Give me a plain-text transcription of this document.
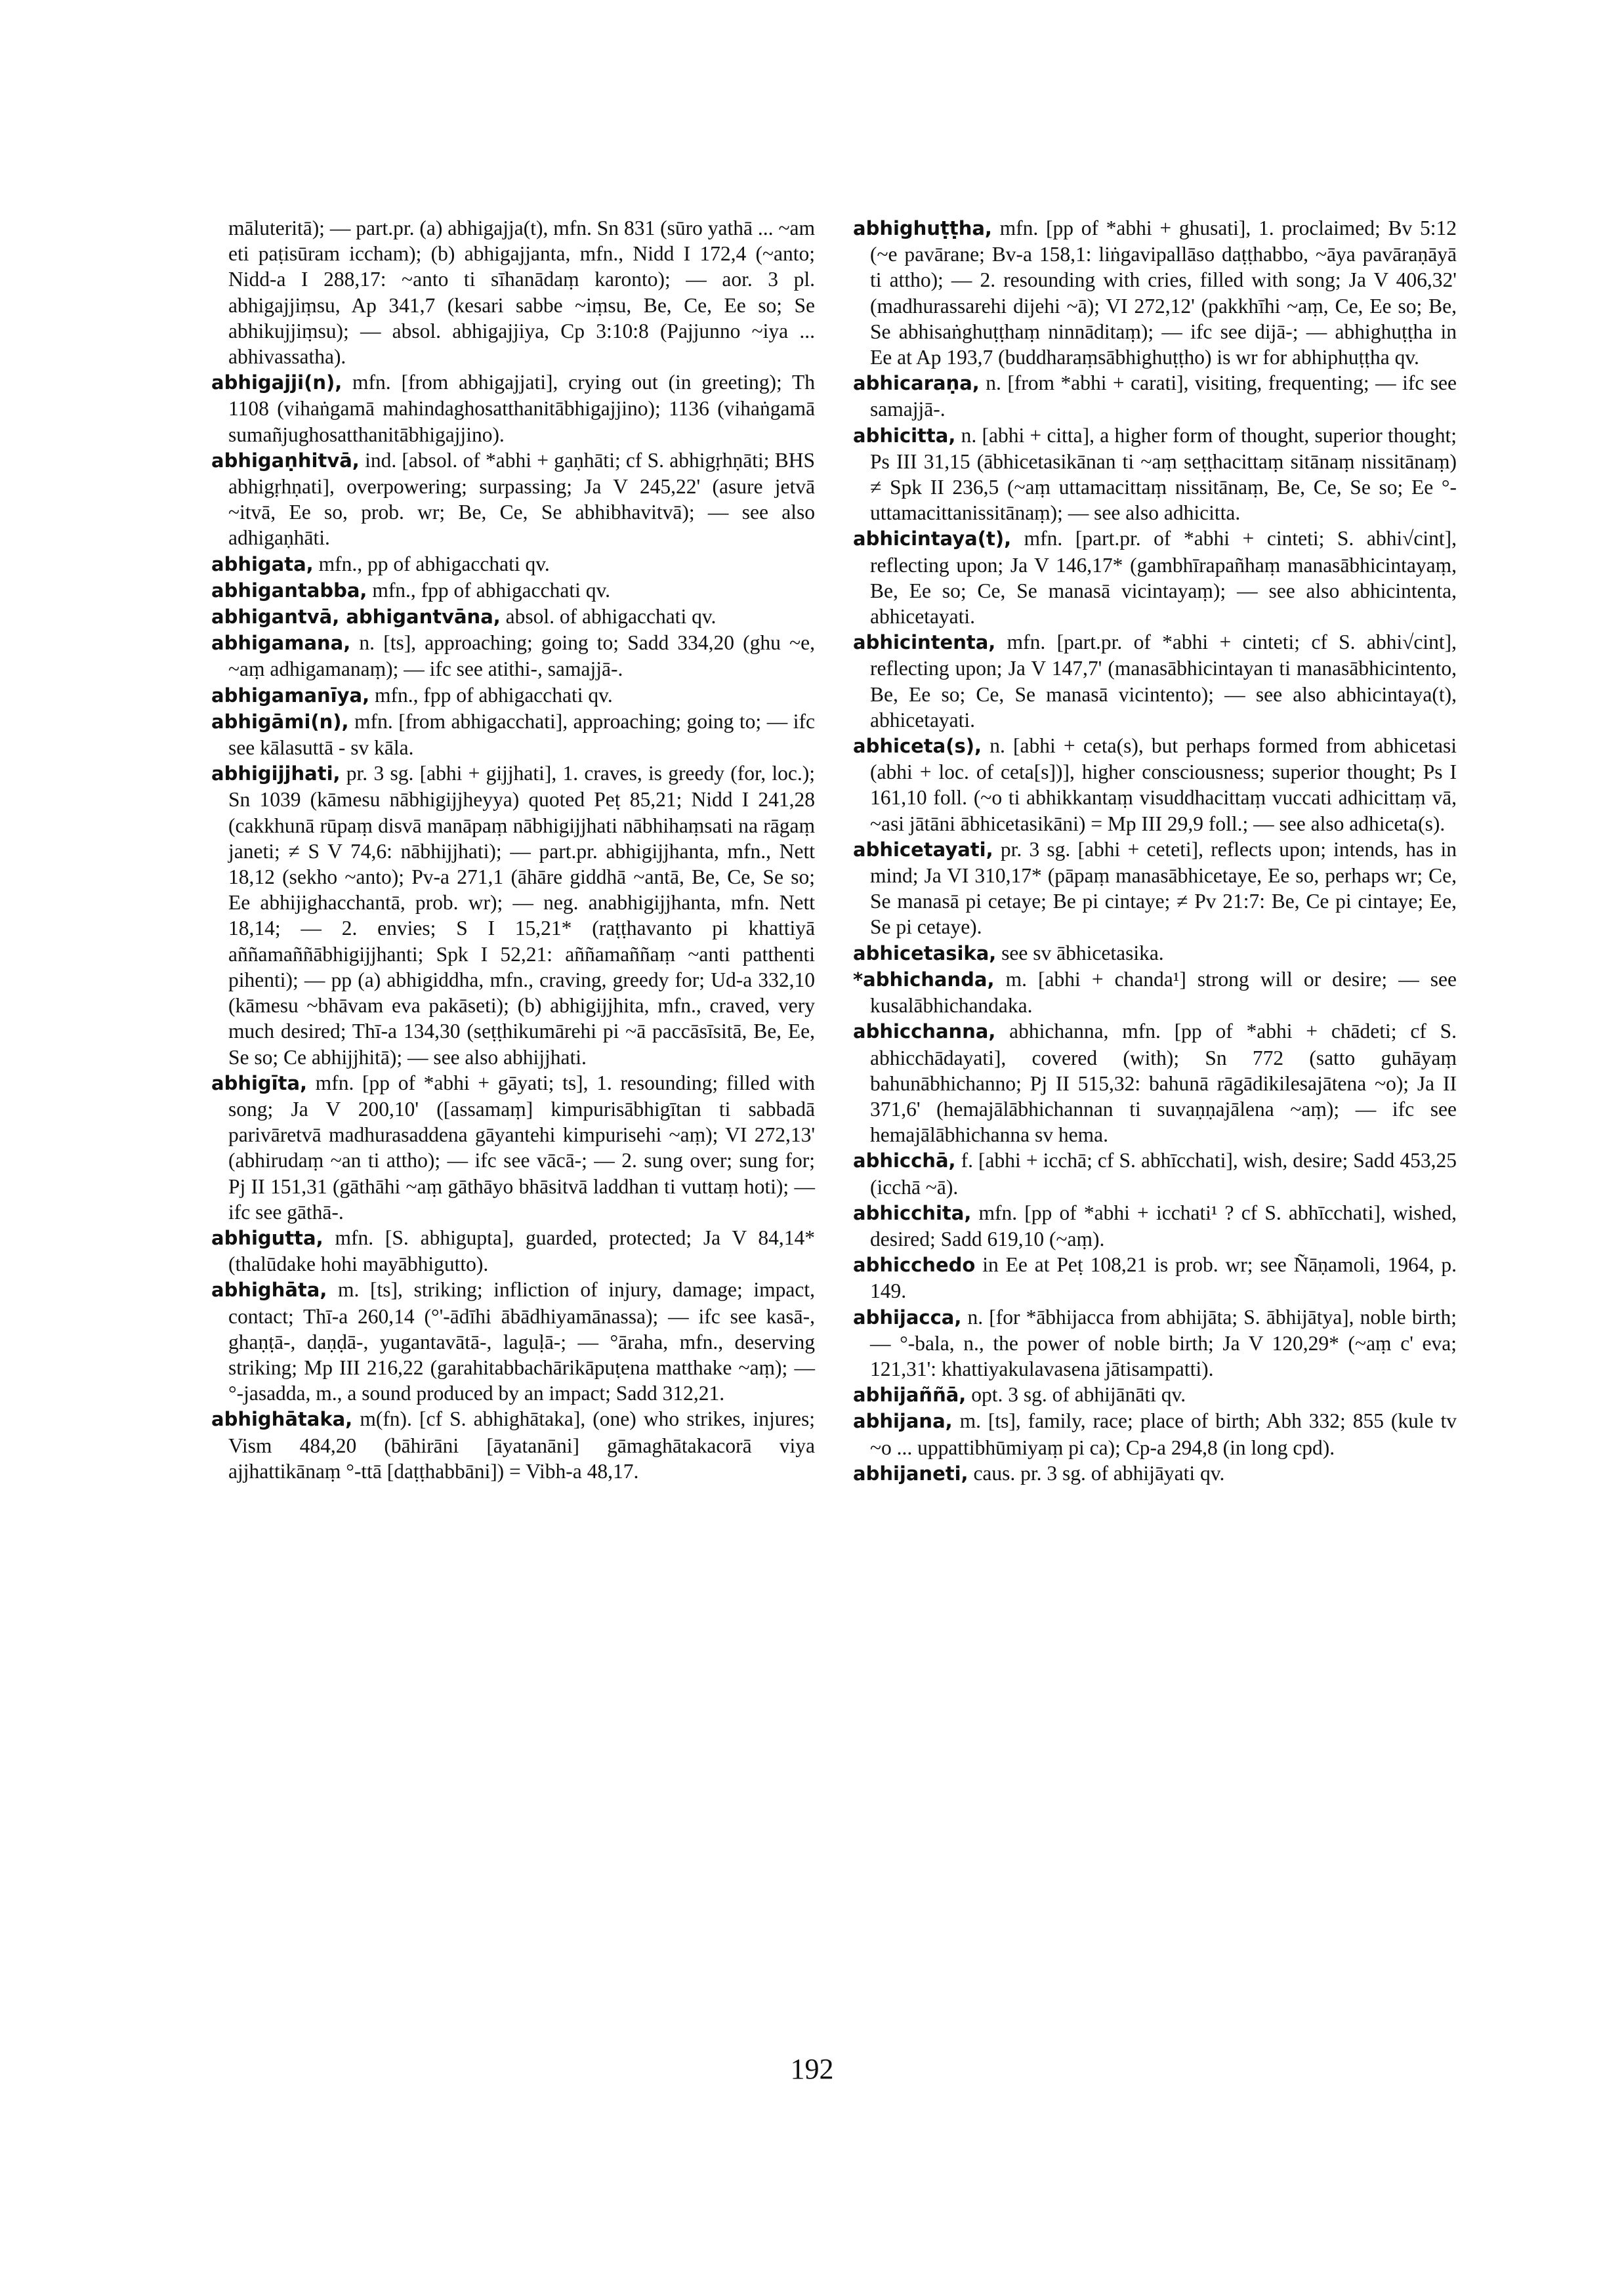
māluteritā); — part.pr. (a) abhigajja(t), mfn. Sn 831 (sūro yathā ... ~am eti paṭisūram iccham); (b) abhigajjanta, mfn., Nidd I 172,4 (~anto; Nidd-a I 288,17: ~anto ti sīhanādaṃ karonto); — aor. 3 pl. abhigajjiṃsu, Ap 341,7 (kesari sabbe ~iṃsu, Be, Ce, Ee so; Se abhikujjiṃsu); — absol. abhigajjiya, Cp 3:10:8 (Pajjunno ~iya ... abhivassatha).

abhigajji(n), mfn. [from abhigajjati], crying out (in greeting); Th 1108 (vihaṅgamā mahindaghosatthanitābhigajjino); 1136 (vihaṅgamā sumañjughosatthanitābhigajjino).

abhigaṇhitvā, ind. [absol. of *abhi + gaṇhāti; cf S. abhigṛhṇāti; BHS abhigṛhṇati], overpowering; surpassing; Ja V 245,22' (asure jetvā ~itvā, Ee so, prob. wr; Be, Ce, Se abhibhavitvā); — see also adhigaṇhāti.

abhigata, mfn., pp of abhigacchati qv.

abhigantabba, mfn., fpp of abhigacchati qv.

abhigantvā, abhigantvāna, absol. of abhigacchati qv.

abhigamana, n. [ts], approaching; going to; Sadd 334,20 (ghu ~e, ~aṃ adhigamanaṃ); — ifc see atithi-, samajjā-.

abhigamanīya, mfn., fpp of abhigacchati qv.

abhigāmi(n), mfn. [from abhigacchati], approaching; going to; — ifc see kālasuttā - sv kāla.

abhigijjhati, pr. 3 sg. [abhi + gijjhati], 1. craves, is greedy (for, loc.); Sn 1039 (kāmesu nābhigijjheyya) quoted Peṭ 85,21; Nidd I 241,28 (cakkhunā rūpaṃ disvā manāpaṃ nābhigijjhati nābhihaṃsati na rāgaṃ janeti; ≠ S V 74,6: nābhijjhati); — part.pr. abhigijjhanta, mfn., Nett 18,12 (sekho ~anto); Pv-a 271,1 (āhāre giddhā ~antā, Be, Ce, Se so; Ee abhijighacchantā, prob. wr); — neg. anabhigijjhanta, mfn. Nett 18,14; — 2. envies; S I 15,21* (raṭṭhavanto pi khattiyā aññamaññābhigijjhanti; Spk I 52,21: aññamaññaṃ ~anti patthenti pihenti); — pp (a) abhigiddha, mfn., craving, greedy for; Ud-a 332,10 (kāmesu ~bhāvam eva pakāseti); (b) abhigijjhita, mfn., craved, very much desired; Thī-a 134,30 (seṭṭhikumārehi pi ~ā paccāsīsitā, Be, Ee, Se so; Ce abhijjhitā); — see also abhijjhati.

abhigīta, mfn. [pp of *abhi + gāyati; ts], 1. resounding; filled with song; Ja V 200,10' ([assamaṃ] kimpurisābhigītan ti sabbadā parivāretvā madhurasaddena gāyantehi kimpurisehi ~aṃ); VI 272,13' (abhirudaṃ ~an ti attho); — ifc see vācā-; — 2. sung over; sung for; Pj II 151,31 (gāthāhi ~aṃ gāthāyo bhāsitvā laddhan ti vuttaṃ hoti); — ifc see gāthā-.

abhigutta, mfn. [S. abhigupta], guarded, protected; Ja V 84,14* (thalūdake hohi mayābhigutto).

abhighāta, m. [ts], striking; infliction of injury, damage; impact, contact; Thī-a 260,14 (°'-ādīhi ābādhiyamānassa); — ifc see kasā-, ghaṇṭā-, daṇḍā-, yugantavātā-, laguḷā-; — °āraha, mfn., deserving striking; Mp III 216,22 (garahitabbachārikāpuṭena matthake ~aṃ); — °-jasadda, m., a sound produced by an impact; Sadd 312,21.

abhighātaka, m(fn). [cf S. abhighātaka], (one) who strikes, injures; Vism 484,20 (bāhirāni [āyatanāni] gāmaghātakacorā viya ajjhattikānaṃ °-ttā [daṭṭhabbāni]) = Vibh-a 48,17.

abhighuṭṭha, mfn. [pp of *abhi + ghusati], 1. proclaimed; Bv 5:12 (~e pavārane; Bv-a 158,1: liṅgavipallāso daṭṭhabbo, ~āya pavāraṇāyā ti attho); — 2. resounding with cries, filled with song; Ja V 406,32' (madhurassarehi dijehi ~ā); VI 272,12' (pakkhīhi ~aṃ, Ce, Ee so; Be, Se abhisaṅghuṭṭhaṃ ninnāditaṃ); — ifc see dijā-; — abhighuṭṭha in Ee at Ap 193,7 (buddharaṃsābhighuṭṭho) is wr for abhiphuṭṭha qv.

abhicaraṇa, n. [from *abhi + carati], visiting, frequenting; — ifc see samajjā-.

abhicitta, n. [abhi + citta], a higher form of thought, superior thought; Ps III 31,15 (ābhicetasikānan ti ~aṃ seṭṭhacittaṃ sitānaṃ nissitānaṃ) ≠ Spk II 236,5 (~aṃ uttamacittaṃ nissitānaṃ, Be, Ce, Se so; Ee °-uttamacittanissitānaṃ); — see also adhicitta.

abhicintaya(t), mfn. [part.pr. of *abhi + cinteti; S. abhi√cint], reflecting upon; Ja V 146,17* (gambhīrapañhaṃ manasābhicintayaṃ, Be, Ee so; Ce, Se manasā vicintayaṃ); — see also abhicintenta, abhicetayati.

abhicintenta, mfn. [part.pr. of *abhi + cinteti; cf S. abhi√cint], reflecting upon; Ja V 147,7' (manasābhicintayan ti manasābhicintento, Be, Ee so; Ce, Se manasā vicintento); — see also abhicintaya(t), abhicetayati.

abhiceta(s), n. [abhi + ceta(s), but perhaps formed from abhicetasi (abhi + loc. of ceta[s])], higher consciousness; superior thought; Ps I 161,10 foll. (~o ti abhikkantaṃ visuddhacittaṃ vuccati adhicittaṃ vā, ~asi jātāni ābhicetasikāni) = Mp III 29,9 foll.; — see also adhiceta(s).

abhicetayati, pr. 3 sg. [abhi + ceteti], reflects upon; intends, has in mind; Ja VI 310,17* (pāpaṃ manasābhicetaye, Ee so, perhaps wr; Ce, Se manasā pi cetaye; Be pi cintaye; ≠ Pv 21:7: Be, Ce pi cintaye; Ee, Se pi cetaye).

abhicetasika, see sv ābhicetasika.

*abhichanda, m. [abhi + chanda¹] strong will or desire; — see kusalābhichandaka.

abhicchanna, abhichanna, mfn. [pp of *abhi + chādeti; cf S. abhicchādayati], covered (with); Sn 772 (satto guhāyaṃ bahunābhichanno; Pj II 515,32: bahunā rāgādikilesajātena ~o); Ja II 371,6' (hemajālābhichannan ti suvaṇṇajālena ~aṃ); — ifc see hemajālābhichanna sv hema.

abhicchā, f. [abhi + icchā; cf S. abhīcchati], wish, desire; Sadd 453,25 (icchā ~ā).

abhicchita, mfn. [pp of *abhi + icchati¹ ? cf S. abhīcchati], wished, desired; Sadd 619,10 (~aṃ).

abhicchedo in Ee at Peṭ 108,21 is prob. wr; see Ñāṇamoli, 1964, p. 149.

abhijacca, n. [for *ābhijacca from abhijāta; S. ābhijātya], noble birth; — °-bala, n., the power of noble birth; Ja V 120,29* (~aṃ c' eva; 121,31': khattiyakulavasena jātisampatti).

abhijaññā, opt. 3 sg. of abhijānāti qv.

abhijana, m. [ts], family, race; place of birth; Abh 332; 855 (kule tv ~o ... uppattibhūmiyaṃ pi ca); Cp-a 294,8 (in long cpd).

abhijaneti, caus. pr. 3 sg. of abhijāyati qv.

192
